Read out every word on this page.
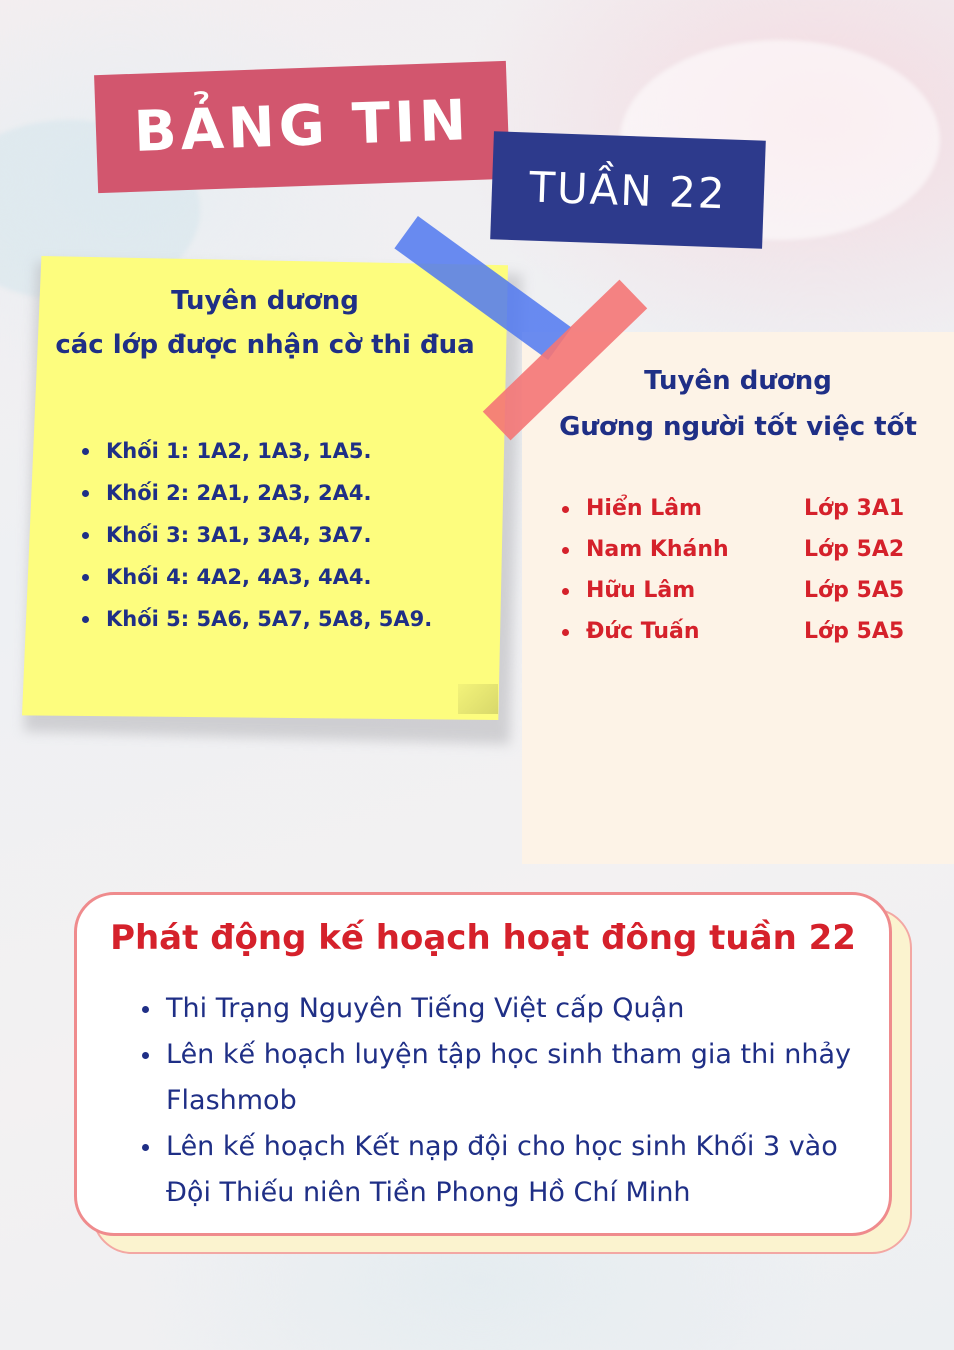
BẢNG TIN
TUẦN 22
Tuyên dương
các lớp được nhận cờ thi đua
Khối 1: 1A2, 1A3, 1A5.
Khối 2: 2A1, 2A3, 2A4.
Khối 3: 3A1, 3A4, 3A7.
Khối 4: 4A2, 4A3, 4A4.
Khối 5: 5A6, 5A7, 5A8, 5A9.
Tuyên dương
Gương người tốt việc tốt
Hiển Lâm	Lớp 3A1
Nam Khánh	Lớp 5A2
Hữu Lâm	Lớp 5A5
Đức Tuấn	Lớp 5A5
Phát động kế hoạch hoạt đông tuần 22
Thi Trạng Nguyên Tiếng Việt cấp Quận
Lên kế hoạch luyện tập học sinh tham gia thi nhảy Flashmob
Lên kế hoạch Kết nạp đội cho học sinh Khối 3 vào Đội Thiếu niên Tiền Phong Hồ Chí Minh
